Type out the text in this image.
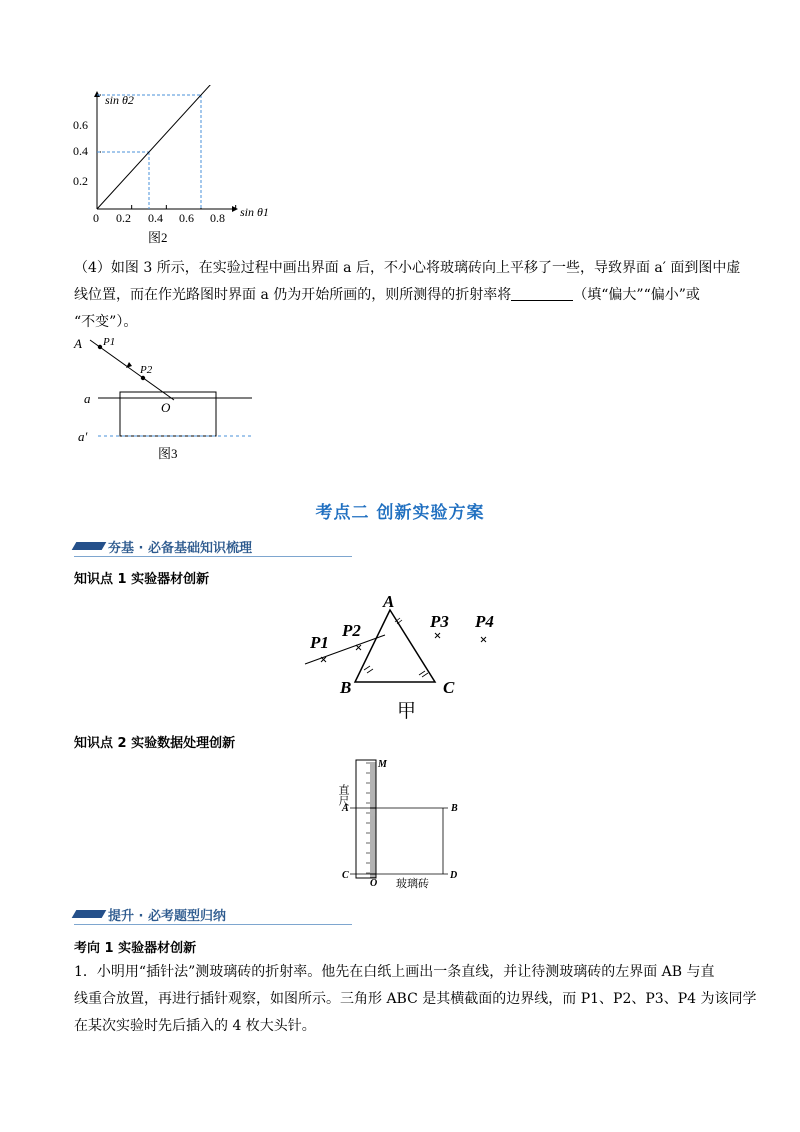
sin θ2
sin θ1
0.6
0.4
0.2
0 0.2 0.4 0.6 0.8
图2
（4）如图 3 所示，在实验过程中画出界面 a 后，不小心将玻璃砖向上平移了一些，导致界面 a′ 面到图中虚
线位置，而在作光路图时界面 a 仍为开始所画的，则所测得的折射率将	（填“偏大”“偏小”或
“不变”）。
A P1
P2
O
a
a′
图3
考点二 创新实验方案
夯基 · 必备基础知识梳理
知识点 1 实验器材创新
A
B	C
P1
P2	P3 P4
甲
知识点 2 实验数据处理创新
直尺
M
A	B
C
O
D
玻璃砖
提升 · 必考题型归纳
考向 1 实验器材创新
1．小明用“插针法”测玻璃砖的折射率。他先在白纸上画出一条直线，并让待测玻璃砖的左界面 AB 与直
线重合放置，再进行插针观察，如图所示。三角形 ABC 是其横截面的边界线，而 P1、P2、P3、P4 为该同学
在某次实验时先后插入的 4 枚大头针。
